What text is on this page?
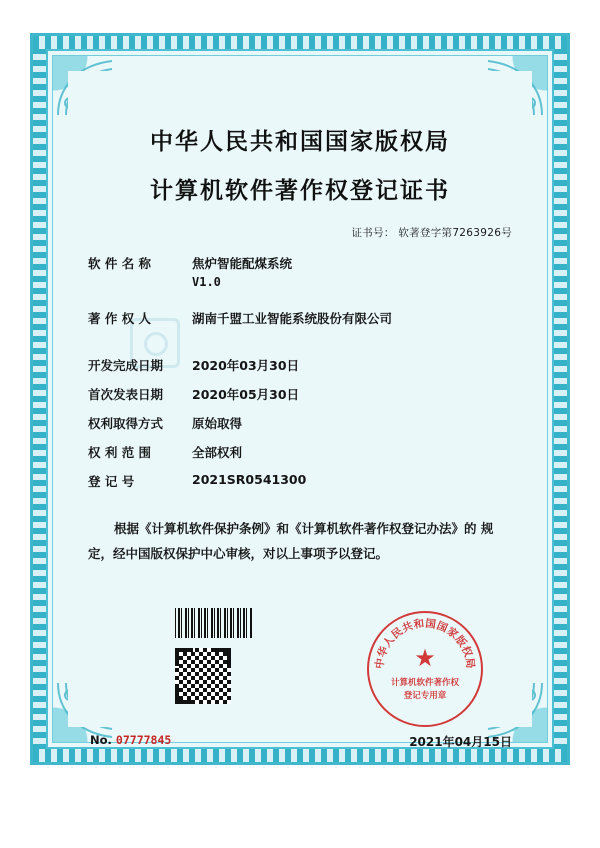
中华人民共和国国家版权局
计算机软件著作权登记证书
证书号： 软著登字第7263926号
软 件 名 称	焦炉智能配煤系统
V1.0
著 作 权 人	湖南千盟工业智能系统股份有限公司
开发完成日期	2020年03月30日
首次发表日期	2020年05月30日
权利取得方式	原始取得
权 利 范 围	全部权利
登 记 号	2021SR0541300
根据《计算机软件保护条例》和《计算机软件著作权登记办法》的 规定，经中国版权保护中心审核，对以上事项予以登记。
中华人民共和国国家版权局
★
计算机软件著作权
登记专用章
No. 07777845	2021年04月15日
